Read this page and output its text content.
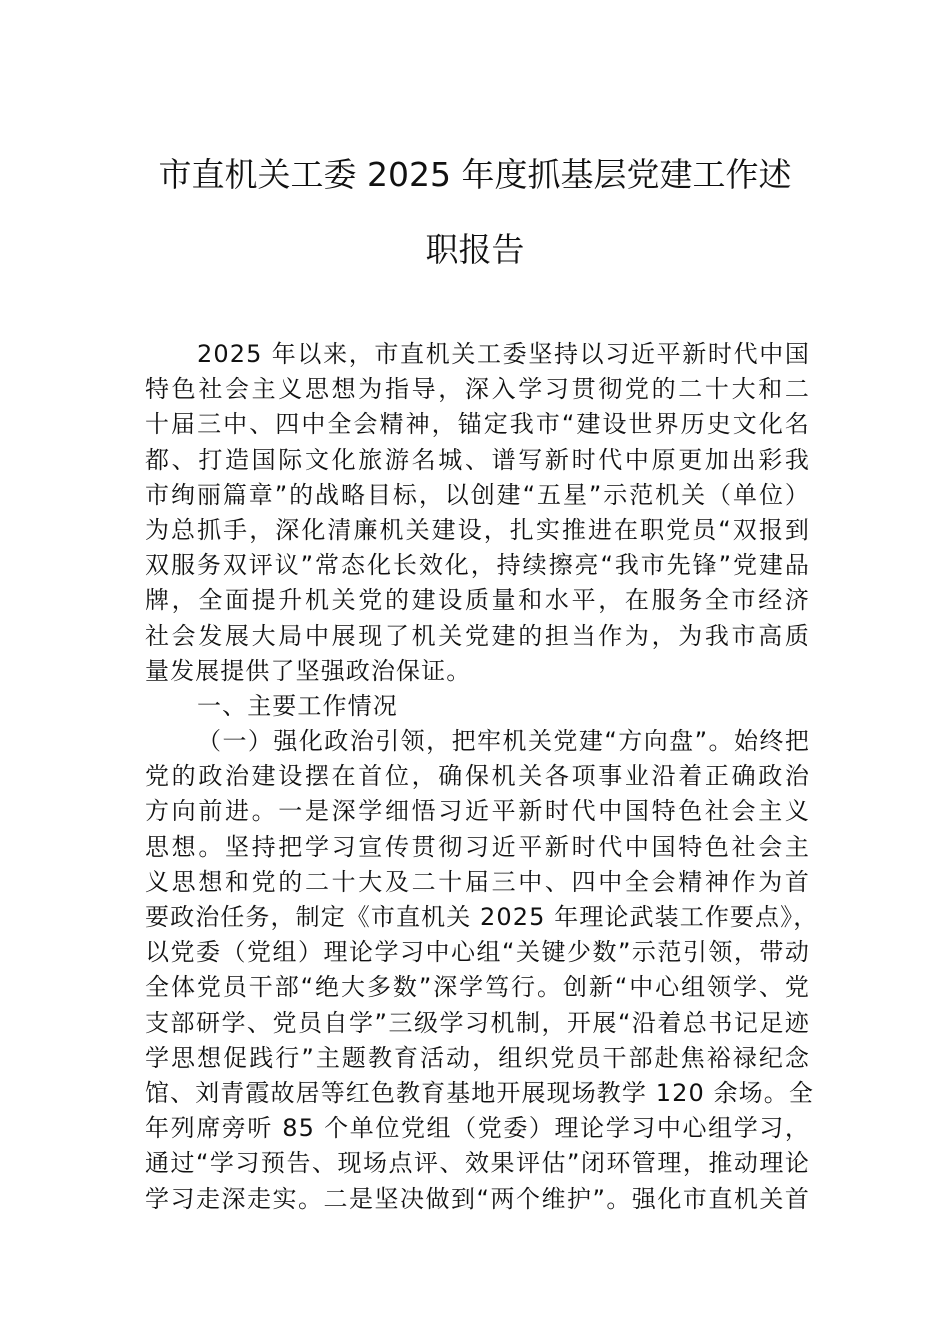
市直机关工委 2025 年度抓基层党建工作述
职报告
2025 年以来，市直机关工委坚持以习近平新时代中国
特色社会主义思想为指导，深入学习贯彻党的二十大和二
十届三中、四中全会精神，锚定我市“建设世界历史文化名
都、打造国际文化旅游名城、谱写新时代中原更加出彩我
市绚丽篇章”的战略目标，以创建“五星”示范机关（单位）
为总抓手，深化清廉机关建设，扎实推进在职党员“双报到
双服务双评议”常态化长效化，持续擦亮“我市先锋”党建品
牌，全面提升机关党的建设质量和水平，在服务全市经济
社会发展大局中展现了机关党建的担当作为，为我市高质
量发展提供了坚强政治保证。
一、主要工作情况
（一）强化政治引领，把牢机关党建“方向盘”。始终把
党的政治建设摆在首位，确保机关各项事业沿着正确政治
方向前进。一是深学细悟习近平新时代中国特色社会主义
思想。坚持把学习宣传贯彻习近平新时代中国特色社会主
义思想和党的二十大及二十届三中、四中全会精神作为首
要政治任务，制定《市直机关 2025 年理论武装工作要点》，
以党委（党组）理论学习中心组“关键少数”示范引领，带动
全体党员干部“绝大多数”深学笃行。创新“中心组领学、党
支部研学、党员自学”三级学习机制，开展“沿着总书记足迹
学思想促践行”主题教育活动，组织党员干部赴焦裕禄纪念
馆、刘青霞故居等红色教育基地开展现场教学 120 余场。全
年列席旁听 85 个单位党组（党委）理论学习中心组学习，
通过“学习预告、现场点评、效果评估”闭环管理，推动理论
学习走深走实。二是坚决做到“两个维护”。强化市直机关首
